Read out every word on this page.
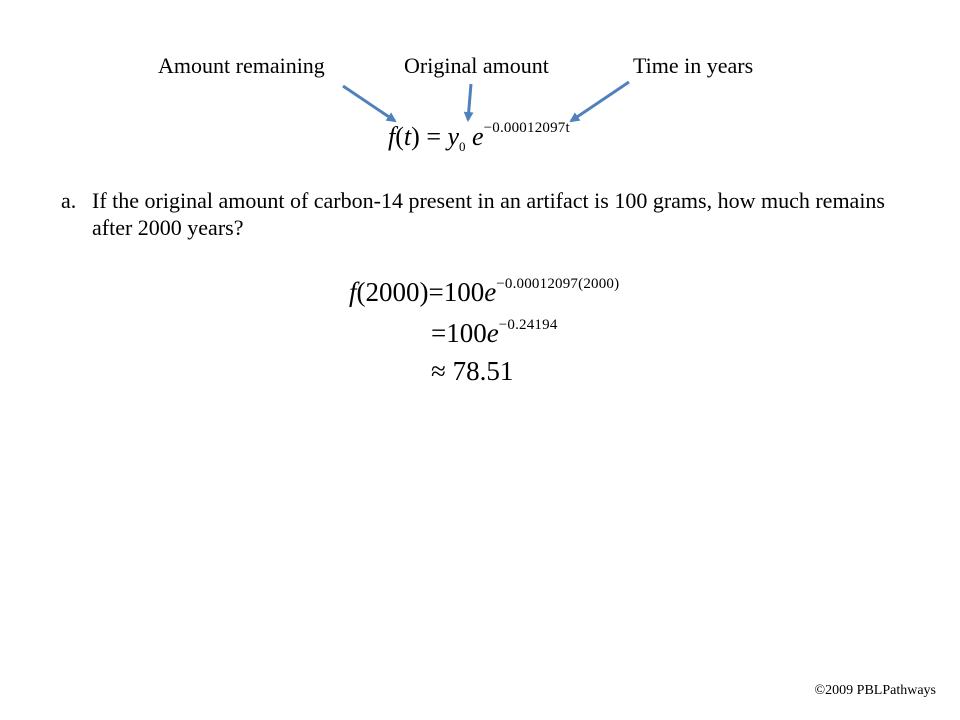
Amount remaining	Original amount	Time in years
$f(t) = y_0$ $e^{-0.00012097t}$
a. If the original amount of carbon-14 present in an artifact is 100 grams, how much remains after 2000 years?
$f(2000)=100e^{-0.00012097(2000)}$
$=100e^{-0.24194}$
≈ 78.51
©2009 PBLPathways
